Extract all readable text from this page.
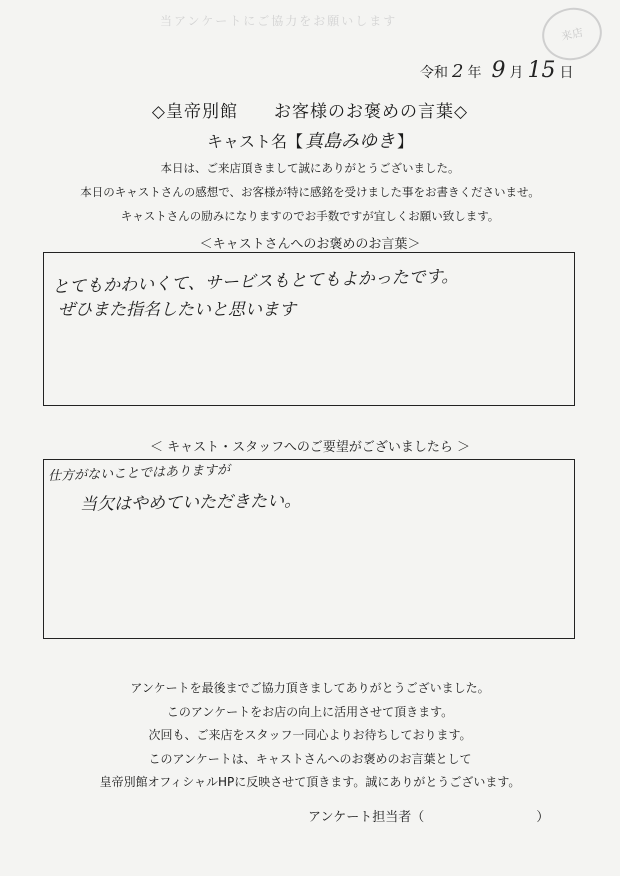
当アンケートにご協力をお願いします
来店
令和 2 年 9 月 15 日
◇皇帝別館　　お客様のお褒めの言葉◇
キャスト名【 真島みゆき 】
本日は、ご来店頂きまして誠にありがとうございました。
本日のキャストさんの感想で、お客様が特に感銘を受けました事をお書きくださいませ。
キャストさんの励みになりますのでお手数ですが宜しくお願い致します。
＜キャストさんへのお褒めのお言葉＞
とてもかわいくて、サービスもとてもよかったです。
ぜひまた指名したいと思います
＜ キャスト・スタッフへのご要望がございましたら ＞
仕方がないことではありますが
当欠はやめていただきたい。
アンケートを最後までご協力頂きましてありがとうございました。
このアンケートをお店の向上に活用させて頂きます。
次回も、ご来店をスタッフ一同心よりお待ちしております。
このアンケートは、キャストさんへのお褒めのお言葉として
皇帝別館オフィシャルHPに反映させて頂きます。誠にありがとうございます。
アンケート担当者（	）
